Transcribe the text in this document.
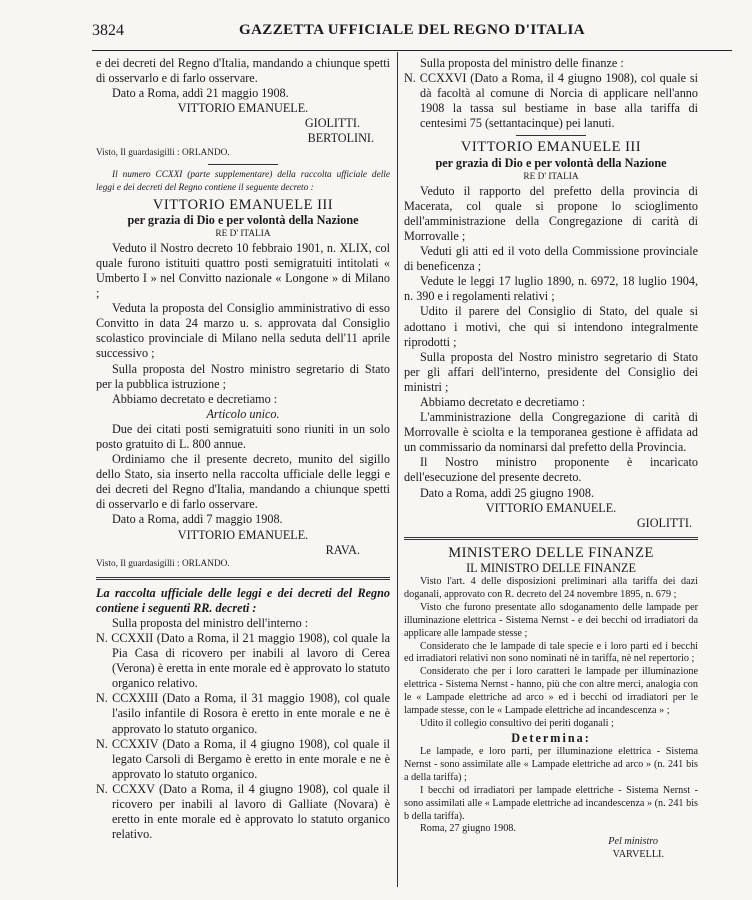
3824	GAZZETTA UFFICIALE DEL REGNO D'ITALIA

e dei decreti del Regno d'Italia, mandando a chiunque spetti di osservarlo e di farlo osservare.

Dato a Roma, addì 21 maggio 1908.

VITTORIO EMANUELE.

GIOLITTI.

BERTOLINI.

Visto, Il guardasigilli : ORLANDO.

Il numero CCXXI (parte supplementare) della raccolta ufficiale delle leggi e dei decreti del Regno contiene il seguente decreto :

VITTORIO EMANUELE III

per grazia di Dio e per volontà della Nazione

RE D' ITALIA

Veduto il Nostro decreto 10 febbraio 1901, n. XLIX, col quale furono istituiti quattro posti semigratuiti intitolati « Umberto I » nel Convitto nazionale « Longone » di Milano ;

Veduta la proposta del Consiglio amministrativo di esso Convitto in data 24 marzo u. s. approvata dal Consiglio scolastico provinciale di Milano nella seduta dell'11 aprile successivo ;

Sulla proposta del Nostro ministro segretario di Stato per la pubblica istruzione ;

Abbiamo decretato e decretiamo :

Articolo unico.

Due dei citati posti semigratuiti sono riuniti in un solo posto gratuito di L. 800 annue.

Ordiniamo che il presente decreto, munito del sigillo dello Stato, sia inserto nella raccolta ufficiale delle leggi e dei decreti del Regno d'Italia, mandando a chiunque spetti di osservarlo e di farlo osservare.

Dato a Roma, addì 7 maggio 1908.

VITTORIO EMANUELE.

RAVA.

Visto, Il guardasigilli : ORLANDO.

La raccolta ufficiale delle leggi e dei decreti del Regno contiene i seguenti RR. decreti :

Sulla proposta del ministro dell'interno :

N. CCXXII (Dato a Roma, il 21 maggio 1908), col quale la Pia Casa di ricovero per inabili al lavoro di Cerea (Verona) è eretta in ente morale ed è approvato lo statuto organico relativo.

N. CCXXIII (Dato a Roma, il 31 maggio 1908), col quale l'asilo infantile di Rosora è eretto in ente morale e ne è approvato lo statuto organico.

N. CCXXIV (Dato a Roma, il 4 giugno 1908), col quale il legato Carsoli di Bergamo è eretto in ente morale e ne è approvato lo statuto organico.

N. CCXXV (Dato a Roma, il 4 giugno 1908), col quale il ricovero per inabili al lavoro di Galliate (Novara) è eretto in ente morale ed è approvato lo statuto organico relativo.

Sulla proposta del ministro delle finanze :

N. CCXXVI (Dato a Roma, il 4 giugno 1908), col quale si dà facoltà al comune di Norcia di applicare nell'anno 1908 la tassa sul bestiame in base alla tariffa di centesimi 75 (settantacinque) pei lanuti.

VITTORIO EMANUELE III

per grazia di Dio e per volontà della Nazione

RE D' ITALIA

Veduto il rapporto del prefetto della provincia di Macerata, col quale si propone lo scioglimento dell'amministrazione della Congregazione di carità di Morrovalle ;

Veduti gli atti ed il voto della Commissione provinciale di beneficenza ;

Vedute le leggi 17 luglio 1890, n. 6972, 18 luglio 1904, n. 390 e i regolamenti relativi ;

Udito il parere del Consiglio di Stato, del quale si adottano i motivi, che qui si intendono integralmente riprodotti ;

Sulla proposta del Nostro ministro segretario di Stato per gli affari dell'interno, presidente del Consiglio dei ministri ;

Abbiamo decretato e decretiamo :

L'amministrazione della Congregazione di carità di Morrovalle è sciolta e la temporanea gestione è affidata ad un commissario da nominarsi dal prefetto della Provincia.

Il Nostro ministro proponente è incaricato dell'esecuzione del presente decreto.

Dato a Roma, addì 25 giugno 1908.

VITTORIO EMANUELE.

GIOLITTI.

MINISTERO DELLE FINANZE

IL MINISTRO DELLE FINANZE

Visto l'art. 4 delle disposizioni preliminari alla tariffa dei dazi doganali, approvato con R. decreto del 24 novembre 1895, n. 679 ;

Visto che furono presentate allo sdoganamento delle lampade per illuminazione elettrica - Sistema Nernst - e dei becchi od irradiatori da applicare alle lampade stesse ;

Considerato che le lampade di tale specie e i loro parti ed i becchi ed irradiatori relativi non sono nominati nè in tariffa, nè nel repertorio ;

Considerato che per i loro caratteri le lampade per illuminazione elettrica - Sistema Nernst - hanno, più che con altre merci, analogia con le « Lampade elettriche ad arco » ed i becchi od irradiatori per le lampade stesse, con le « Lampade elettriche ad incandescenza » ;

Udito il collegio consultivo dei periti doganali ;

Determina:

Le lampade, e loro parti, per illuminazione elettrica - Sistema Nernst - sono assimilate alle « Lampade elettriche ad arco » (n. 241 bis a della tariffa) ;

I becchi od irradiatori per lampade elettriche - Sistema Nernst - sono assimilati alle « Lampade elettriche ad incandescenza » (n. 241 bis b della tariffa).

Roma, 27 giugno 1908.

Pel ministro

VARVELLI.
